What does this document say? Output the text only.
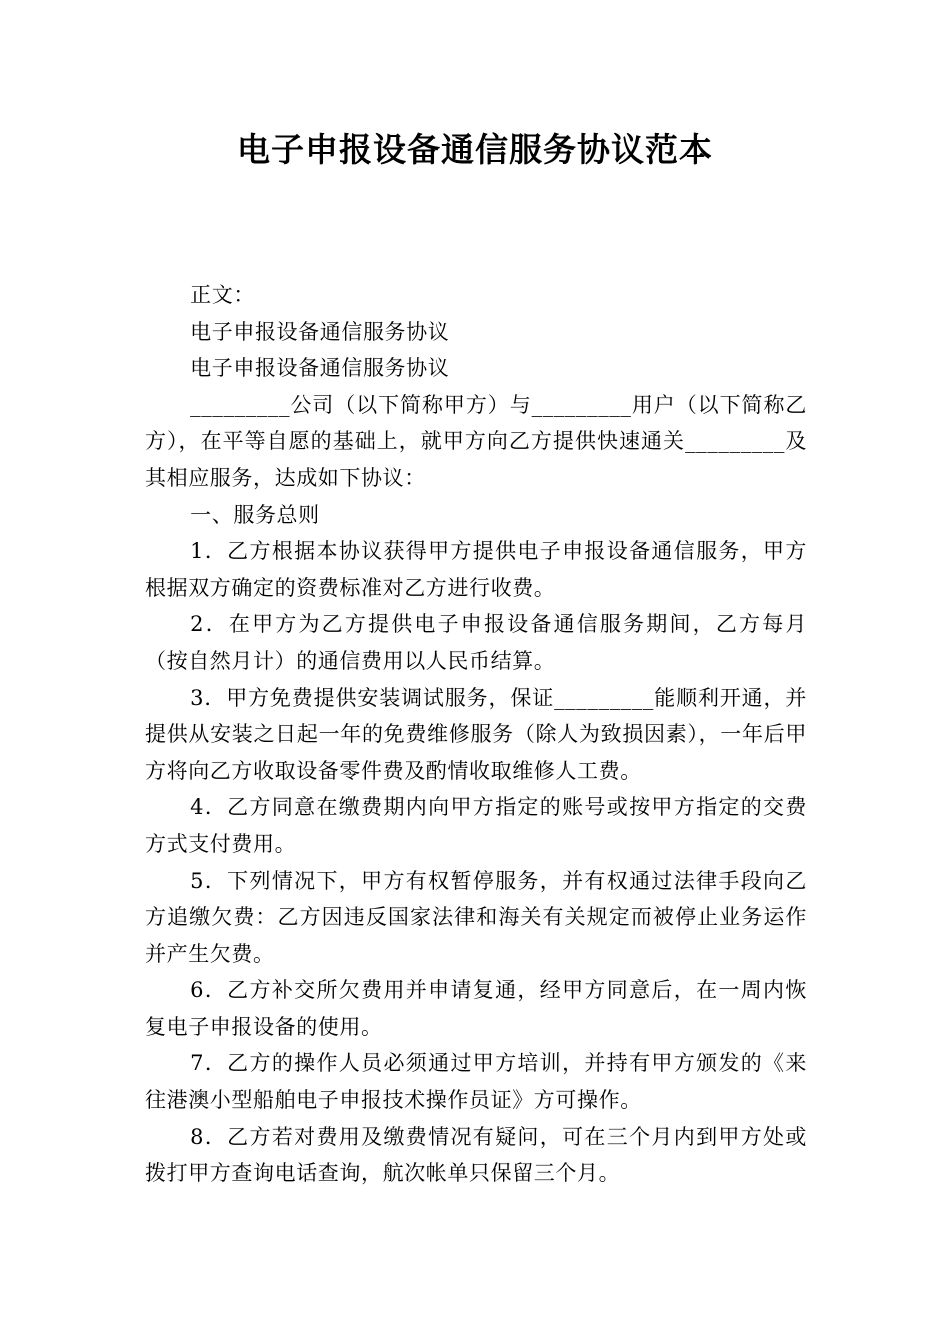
电子申报设备通信服务协议范本

正文：

电子申报设备通信服务协议

电子申报设备通信服务协议

_________公司（以下简称甲方）与_________用户（以下简称乙方），在平等自愿的基础上，就甲方向乙方提供快速通关_________及其相应服务，达成如下协议：

一、服务总则

1．乙方根据本协议获得甲方提供电子申报设备通信服务，甲方根据双方确定的资费标准对乙方进行收费。

2．在甲方为乙方提供电子申报设备通信服务期间，乙方每月（按自然月计）的通信费用以人民币结算。

3．甲方免费提供安装调试服务，保证_________能顺利开通，并提供从安装之日起一年的免费维修服务（除人为致损因素），一年后甲方将向乙方收取设备零件费及酌情收取维修人工费。

4．乙方同意在缴费期内向甲方指定的账号或按甲方指定的交费方式支付费用。

5．下列情况下，甲方有权暂停服务，并有权通过法律手段向乙方追缴欠费：乙方因违反国家法律和海关有关规定而被停止业务运作并产生欠费。

6．乙方补交所欠费用并申请复通，经甲方同意后，在一周内恢复电子申报设备的使用。

7．乙方的操作人员必须通过甲方培训，并持有甲方颁发的《来往港澳小型船舶电子申报技术操作员证》方可操作。

8．乙方若对费用及缴费情况有疑问，可在三个月内到甲方处或拨打甲方查询电话查询，航次帐单只保留三个月。
